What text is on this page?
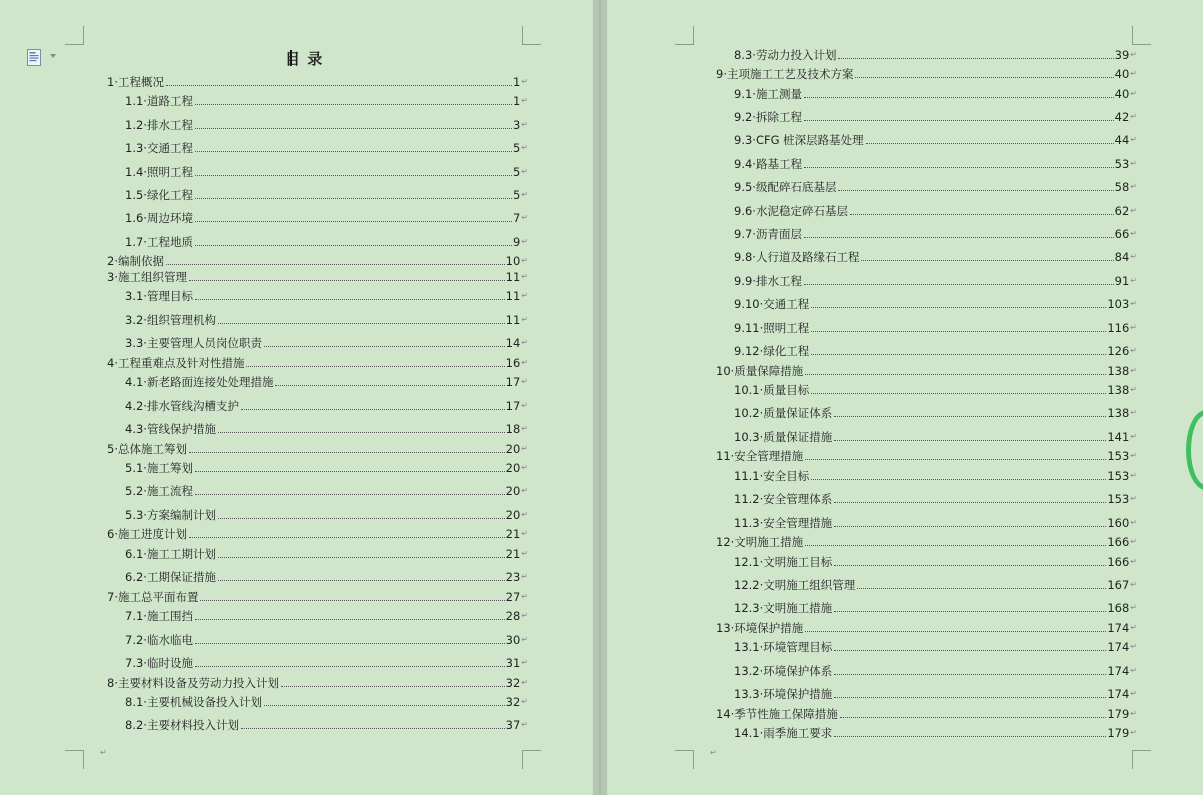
目 录
1·工程概况	1 ↵
1.1·道路工程	1 ↵
1.2·排水工程	3 ↵
1.3·交通工程	5 ↵
1.4·照明工程	5 ↵
1.5·绿化工程	5 ↵
1.6·周边环境	7 ↵
1.7·工程地质	9 ↵
2·编制依据	10 ↵
3·施工组织管理	11 ↵
3.1·管理目标	11 ↵
3.2·组织管理机构	11 ↵
3.3·主要管理人员岗位职责	14 ↵
4·工程重难点及针对性措施	16 ↵
4.1·新老路面连接处处理措施	17 ↵
4.2·排水管线沟槽支护	17 ↵
4.3·管线保护措施	18 ↵
5·总体施工筹划	20 ↵
5.1·施工筹划	20 ↵
5.2·施工流程	20 ↵
5.3·方案编制计划	20 ↵
6·施工进度计划	21 ↵
6.1·施工工期计划	21 ↵
6.2·工期保证措施	23 ↵
7·施工总平面布置	27 ↵
7.1·施工围挡	28 ↵
7.2·临水临电	30 ↵
7.3·临时设施	31 ↵
8·主要材料设备及劳动力投入计划	32 ↵
8.1·主要机械设备投入计划	32 ↵
8.2·主要材料投入计划	37 ↵
↵
8.3·劳动力投入计划	39 ↵
9·主项施工工艺及技术方案	40 ↵
9.1·施工测量	40 ↵
9.2·拆除工程	42 ↵
9.3·CFG 桩深层路基处理	44 ↵
9.4·路基工程	53 ↵
9.5·级配碎石底基层	58 ↵
9.6·水泥稳定碎石基层	62 ↵
9.7·沥青面层	66 ↵
9.8·人行道及路缘石工程	84 ↵
9.9·排水工程	91 ↵
9.10·交通工程	103 ↵
9.11·照明工程	116 ↵
9.12·绿化工程	126 ↵
10·质量保障措施	138 ↵
10.1·质量目标	138 ↵
10.2·质量保证体系	138 ↵
10.3·质量保证措施	141 ↵
11·安全管理措施	153 ↵
11.1·安全目标	153 ↵
11.2·安全管理体系	153 ↵
11.3·安全管理措施	160 ↵
12·文明施工措施	166 ↵
12.1·文明施工目标	166 ↵
12.2·文明施工组织管理	167 ↵
12.3·文明施工措施	168 ↵
13·环境保护措施	174 ↵
13.1·环境管理目标	174 ↵
13.2·环境保护体系	174 ↵
13.3·环境保护措施	174 ↵
14·季节性施工保障措施	179 ↵
14.1·雨季施工要求	179 ↵
↵
